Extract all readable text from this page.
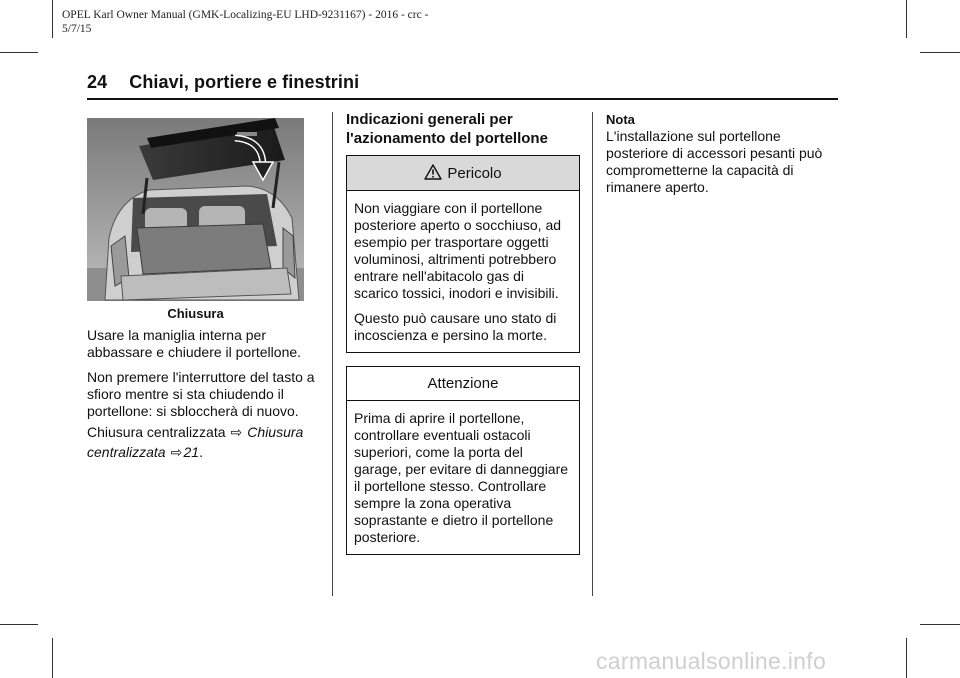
OPEL Karl Owner Manual (GMK-Localizing-EU LHD-9231167) - 2016 - crc -
5/7/15
24 Chiavi, portiere e finestrini
Chiusura
Usare la maniglia interna per abbassare e chiudere il portellone.
Non premere l'interruttore del tasto a sfioro mentre si sta chiudendo il portellone: si sbloccherà di nuovo.
Chiusura centralizzata ⇨ Chiusura centralizzata ⇨21.
Indicazioni generali per l'azionamento del portellone
Pericolo

Non viaggiare con il portellone posteriore aperto o socchiuso, ad esempio per trasportare oggetti voluminosi, altrimenti potrebbero entrare nell'abitacolo gas di scarico tossici, inodori e invisibili.

Questo può causare uno stato di incoscienza e persino la morte.

Attenzione

Prima di aprire il portellone, controllare eventuali ostacoli superiori, come la porta del garage, per evitare di danneggiare il portellone stesso. Controllare sempre la zona operativa soprastante e dietro il portellone posteriore.

Nota
L'installazione sul portellone posteriore di accessori pesanti può comprometterne la capacità di rimanere aperto.
carmanualsonline.info
